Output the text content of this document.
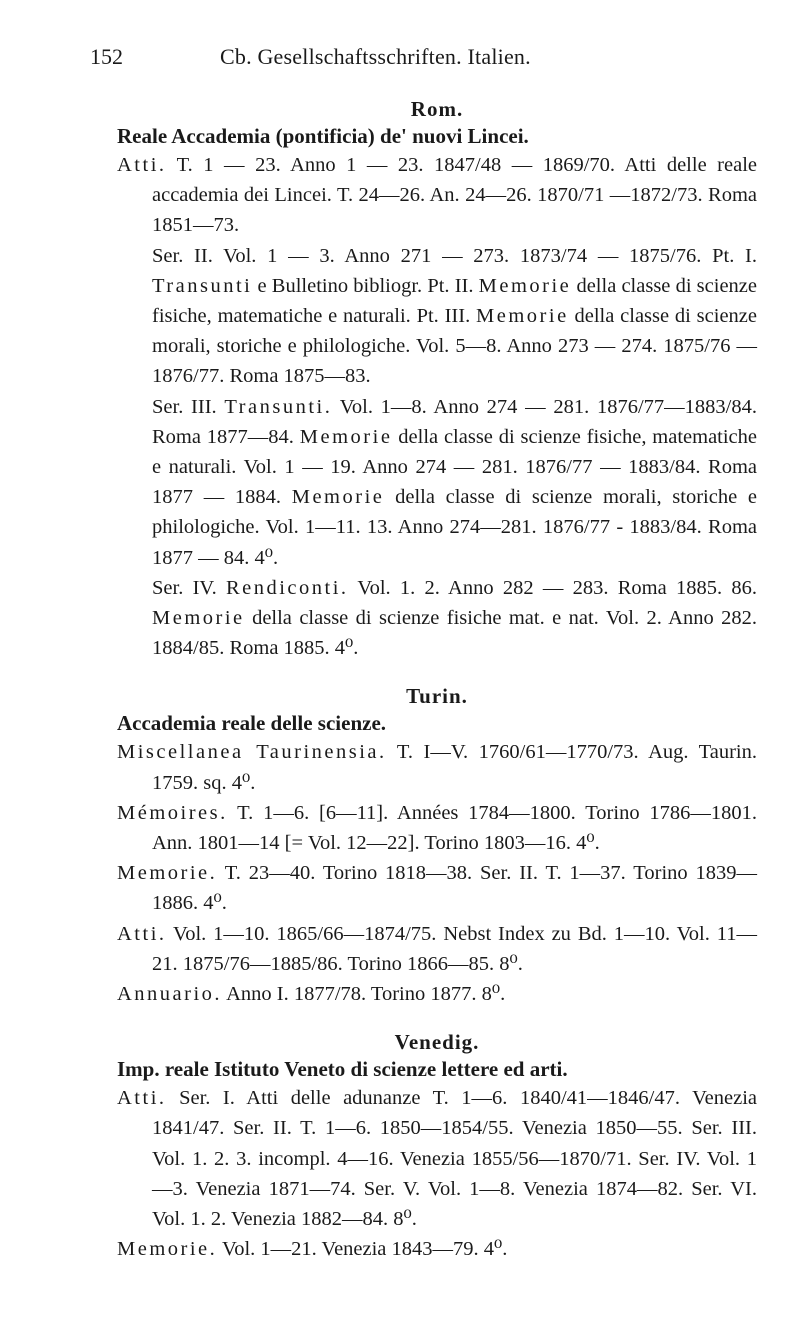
152	Cb. Gesellschaftsschriften. Italien.

Rom.

Reale Accademia (pontificia) de' nuovi Lincei.

Atti. T. 1 — 23. Anno 1 — 23. 1847/48 — 1869/70. Atti delle reale accademia dei Lincei. T. 24—26. An. 24—26. 1870/71 —1872/73. Roma 1851—73.

Ser. II. Vol. 1 — 3. Anno 271 — 273. 1873/74 — 1875/76. Pt. I. Transunti e Bulletino bibliogr. Pt. II. Memorie della classe di scienze fisiche, matematiche e naturali. Pt. III. Memorie della classe di scienze morali, storiche e philologiche. Vol. 5—8. Anno 273 — 274. 1875/76 —1876/77. Roma 1875—83.

Ser. III. Transunti. Vol. 1—8. Anno 274 — 281. 1876/77—1883/84. Roma 1877—84. Memorie della classe di scienze fisiche, matematiche e naturali. Vol. 1 — 19. Anno 274 — 281. 1876/77 — 1883/84. Roma 1877 — 1884. Memorie della classe di scienze morali, storiche e philologiche. Vol. 1—11. 13. Anno 274—281. 1876/77 - 1883/84. Roma 1877 — 84. 4⁰.

Ser. IV. Rendiconti. Vol. 1. 2. Anno 282 — 283. Roma 1885. 86. Memorie della classe di scienze fisiche mat. e nat. Vol. 2. Anno 282. 1884/85. Roma 1885. 4⁰.

Turin.

Accademia reale delle scienze.

Miscellanea Taurinensia. T. I—V. 1760/61—1770/73. Aug. Taurin. 1759. sq. 4⁰.

Mémoires. T. 1—6. [6—11]. Années 1784—1800. Torino 1786—1801. Ann. 1801—14 [= Vol. 12—22]. Torino 1803—16. 4⁰.

Memorie. T. 23—40. Torino 1818—38. Ser. II. T. 1—37. Torino 1839—1886. 4⁰.

Atti. Vol. 1—10. 1865/66—1874/75. Nebst Index zu Bd. 1—10. Vol. 11—21. 1875/76—1885/86. Torino 1866—85. 8⁰.

Annuario. Anno I. 1877/78. Torino 1877. 8⁰.

Venedig.

Imp. reale Istituto Veneto di scienze lettere ed arti.

Atti. Ser. I. Atti delle adunanze T. 1—6. 1840/41—1846/47. Venezia 1841/47. Ser. II. T. 1—6. 1850—1854/55. Venezia 1850—55. Ser. III. Vol. 1. 2. 3. incompl. 4—16. Venezia 1855/56—1870/71. Ser. IV. Vol. 1—3. Venezia 1871—74. Ser. V. Vol. 1—8. Venezia 1874—82. Ser. VI. Vol. 1. 2. Venezia 1882—84. 8⁰.

Memorie. Vol. 1—21. Venezia 1843—79. 4⁰.
